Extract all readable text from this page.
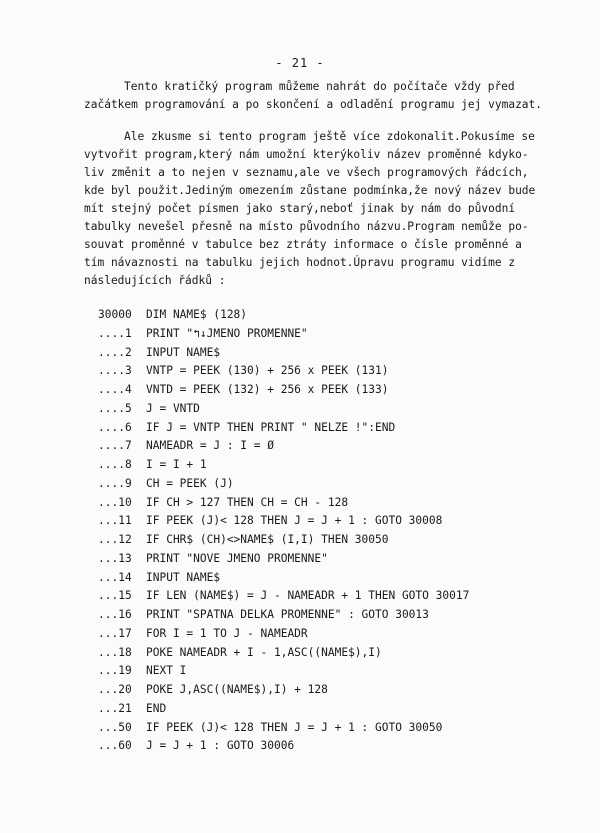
- 21 -
Tento kratičký program můžeme nahrát do počítače vždy před
začátkem programování a po skončení a odladění programu jej vymazat.
Ale zkusme si tento program ještě více zdokonalit.Pokusíme se
vytvořit program,který nám umožní kterýkoliv název proměnné kdyko-
liv změnit a to nejen v seznamu,ale ve všech programových řádcích,
kde byl použit.Jediným omezením zůstane podmínka,že nový název bude
mít stejný počet písmen jako starý,neboť jinak by nám do původní
tabulky nevešel přesně na místo původního názvu.Program nemůže po-
souvat proměnné v tabulce bez ztráty informace o čísle proměnné a
tím návaznosti na tabulku jejich hodnot.Úpravu programu vidíme z
následujících řádků :
30000	DIM NAME$ (128)
....1	PRINT "↰↓JMENO PROMENNE"
....2	INPUT NAME$
....3	VNTP = PEEK (130) + 256 x PEEK (131)
....4	VNTD = PEEK (132) + 256 x PEEK (133)
....5	J = VNTD
....6	IF J = VNTP THEN PRINT " NELZE !":END
....7	NAMEADR = J : I = Ø
....8	I = I + 1
....9	CH = PEEK (J)
...10	IF CH > 127 THEN CH = CH - 128
...11	IF PEEK (J)< 128 THEN J = J + 1 : GOTO 30008
...12	IF CHR$ (CH)<>NAME$ (I,I) THEN 30050
...13	PRINT "NOVE JMENO PROMENNE"
...14	INPUT NAME$
...15	IF LEN (NAME$) = J - NAMEADR + 1 THEN GOTO 30017
...16	PRINT "SPATNA DELKA PROMENNE" : GOTO 30013
...17	FOR I = 1 TO J - NAMEADR
...18	POKE NAMEADR + I - 1,ASC((NAME$),I)
...19	NEXT I
...20	POKE J,ASC((NAME$),I) + 128
...21	END
...50	IF PEEK (J)< 128 THEN J = J + 1 : GOTO 30050
...60	J = J + 1 : GOTO 30006
